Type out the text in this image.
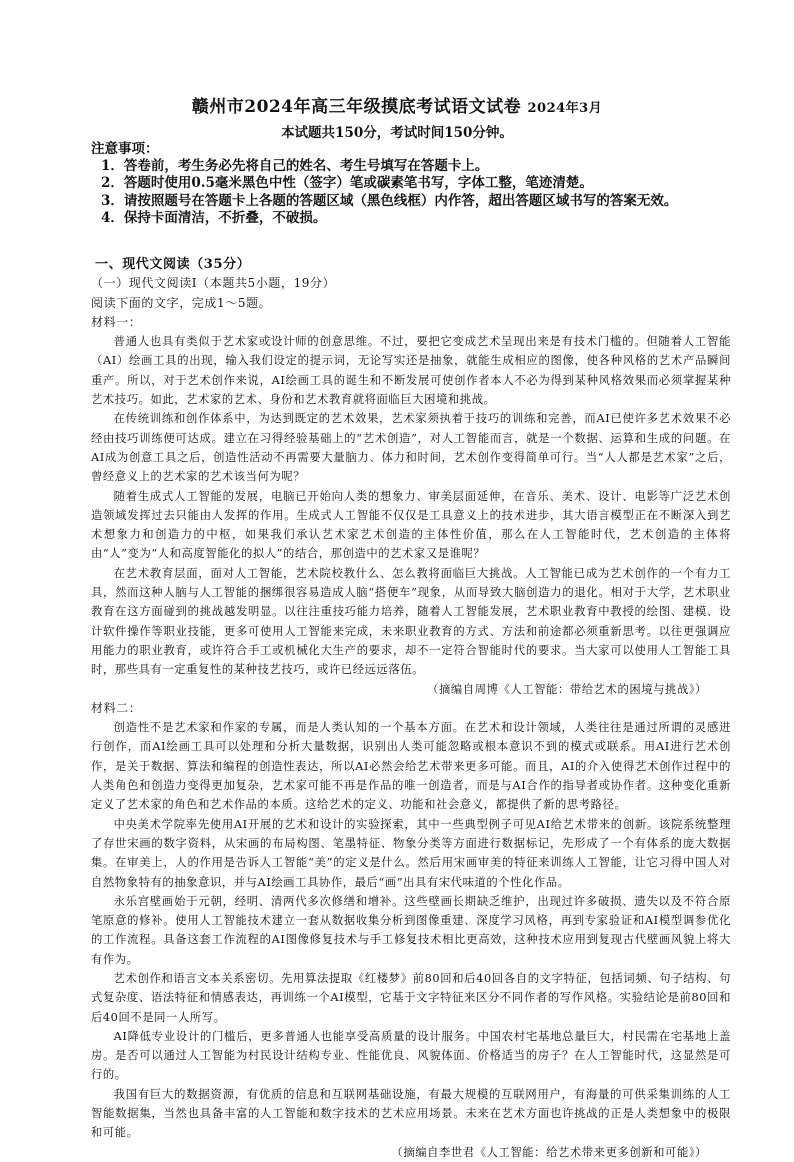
赣州市2024年高三年级摸底考试语文试卷 2024年3月
本试题共150分，考试时间150分钟。

注意事项：

1．答卷前，考生务必先将自己的姓名、考生号填写在答题卡上。

2．答题时使用0.5毫米黑色中性（签字）笔或碳素笔书写，字体工整，笔迹清楚。

3．请按照题号在答题卡上各题的答题区域（黑色线框）内作答，超出答题区域书写的答案无效。

4．保持卡面清洁，不折叠，不破损。

一、现代文阅读（35分）

（一）现代文阅读Ⅰ（本题共5小题，19分）

阅读下面的文字，完成1～5题。

材料一：

普通人也具有类似于艺术家或设计师的创意思维。不过，要把它变成艺术呈现出来是有技术门槛的。但随着人工智能（AI）绘画工具的出现，输入我们设定的提示词，无论写实还是抽象，就能生成相应的图像，使各种风格的艺术产品瞬间重产。所以，对于艺术创作来说，AI绘画工具的诞生和不断发展可使创作者本人不必为得到某种风格效果而必须掌握某种艺术技巧。如此，艺术家的艺术、身份和艺术教育就将面临巨大困境和挑战。

在传统训练和创作体系中，为达到既定的艺术效果，艺术家须执着于技巧的训练和完善，而AI已使许多艺术效果不必经由技巧训练便可达成。建立在习得经验基础上的“艺术创造”，对人工智能而言，就是一个数据、运算和生成的问题。在AI成为创意工具之后，创造性活动不再需要大量脑力、体力和时间，艺术创作变得简单可行。当“人人都是艺术家”之后，曾经意义上的艺术家的艺术该当何为呢？

随着生成式人工智能的发展，电脑已开始向人类的想象力、审美层面延伸，在音乐、美术、设计、电影等广泛艺术创造领域发挥过去只能由人发挥的作用。生成式人工智能不仅仅是工具意义上的技术进步，其大语言模型正在不断深入到艺术想象力和创造力的中枢，如果我们承认艺术家艺术创造的主体性价值，那么在人工智能时代，艺术创造的主体将由“人”变为“人和高度智能化的拟人”的结合，那创造中的艺术家又是谁呢？

在艺术教育层面，面对人工智能，艺术院校教什么、怎么教将面临巨大挑战。人工智能已成为艺术创作的一个有力工具，然而这种人脑与人工智能的捆绑很容易造成人脑“搭便车”现象，从而导致大脑创造力的退化。相对于大学，艺术职业教育在这方面碰到的挑战越发明显。以往注重技巧能力培养，随着人工智能发展，艺术职业教育中教授的绘图、建模、设计软件操作等职业技能，更多可使用人工智能来完成，未来职业教育的方式、方法和前途都必须重新思考。以往更强调应用能力的职业教育，或许符合手工或机械化大生产的要求，却不一定符合智能时代的要求。当大家可以使用人工智能工具时，那些具有一定重复性的某种技艺技巧，或许已经远远落伍。

（摘编自周博《人工智能：带给艺术的困境与挑战》）

材料二：

创造性不是艺术家和作家的专属，而是人类认知的一个基本方面。在艺术和设计领域，人类往往是通过所谓的灵感进行创作，而AI绘画工具可以处理和分析大量数据，识别出人类可能忽略或根本意识不到的模式或联系。用AI进行艺术创作，是关于数据、算法和编程的创造性表达，所以AI必然会给艺术带来更多可能。而且，AI的介入使得艺术创作过程中的人类角色和创造力变得更加复杂，艺术家可能不再是作品的唯一创造者，而是与AI合作的指导者或协作者。这种变化重新定义了艺术家的角色和艺术作品的本质。这给艺术的定义、功能和社会意义，都提供了新的思考路径。

中央美术学院率先使用AI开展的艺术和设计的实验探索，其中一些典型例子可见AI给艺术带来的创新。该院系统整理了存世宋画的数字资料，从宋画的布局构图、笔墨特征、物象分类等方面进行数据标记，先形成了一个有体系的庞大数据集。在审美上，人的作用是告诉人工智能“美”的定义是什么。然后用宋画审美的特征来训练人工智能，让它习得中国人对自然物象特有的抽象意识，并与AI绘画工具协作，最后“画”出具有宋代味道的个性化作品。

永乐宫壁画始于元朝，经明、清两代多次修缮和增补。这些壁画长期缺乏维护，出现过许多破损、遗失以及不符合原笔原意的修补。使用人工智能技术建立一套从数据收集分析到图像重建、深度学习风格，再到专家验证和AI模型调参优化的工作流程。具备这套工作流程的AI图像修复技术与手工修复技术相比更高效，这种技术应用到复现古代壁画风貌上将大有作为。

艺术创作和语言文本关系密切。先用算法提取《红楼梦》前80回和后40回各自的文字特征，包括词频、句子结构、句式复杂度、语法特征和情感表达，再训练一个AI模型，它基于文字特征来区分不同作者的写作风格。实验结论是前80回和后40回不是同一人所写。

AI降低专业设计的门槛后，更多普通人也能享受高质量的设计服务。中国农村宅基地总量巨大，村民需在宅基地上盖房。是否可以通过人工智能为村民设计结构专业、性能优良、风貌体面、价格适当的房子？在人工智能时代，这显然是可行的。

我国有巨大的数据资源，有优质的信息和互联网基础设施，有最大规模的互联网用户，有海量的可供采集训练的人工智能数据集，当然也具备丰富的人工智能和数字技术的艺术应用场景。未来在艺术方面也许挑战的正是人类想象中的极限和可能。

（摘编自李世君《人工智能：给艺术带来更多创新和可能》）
